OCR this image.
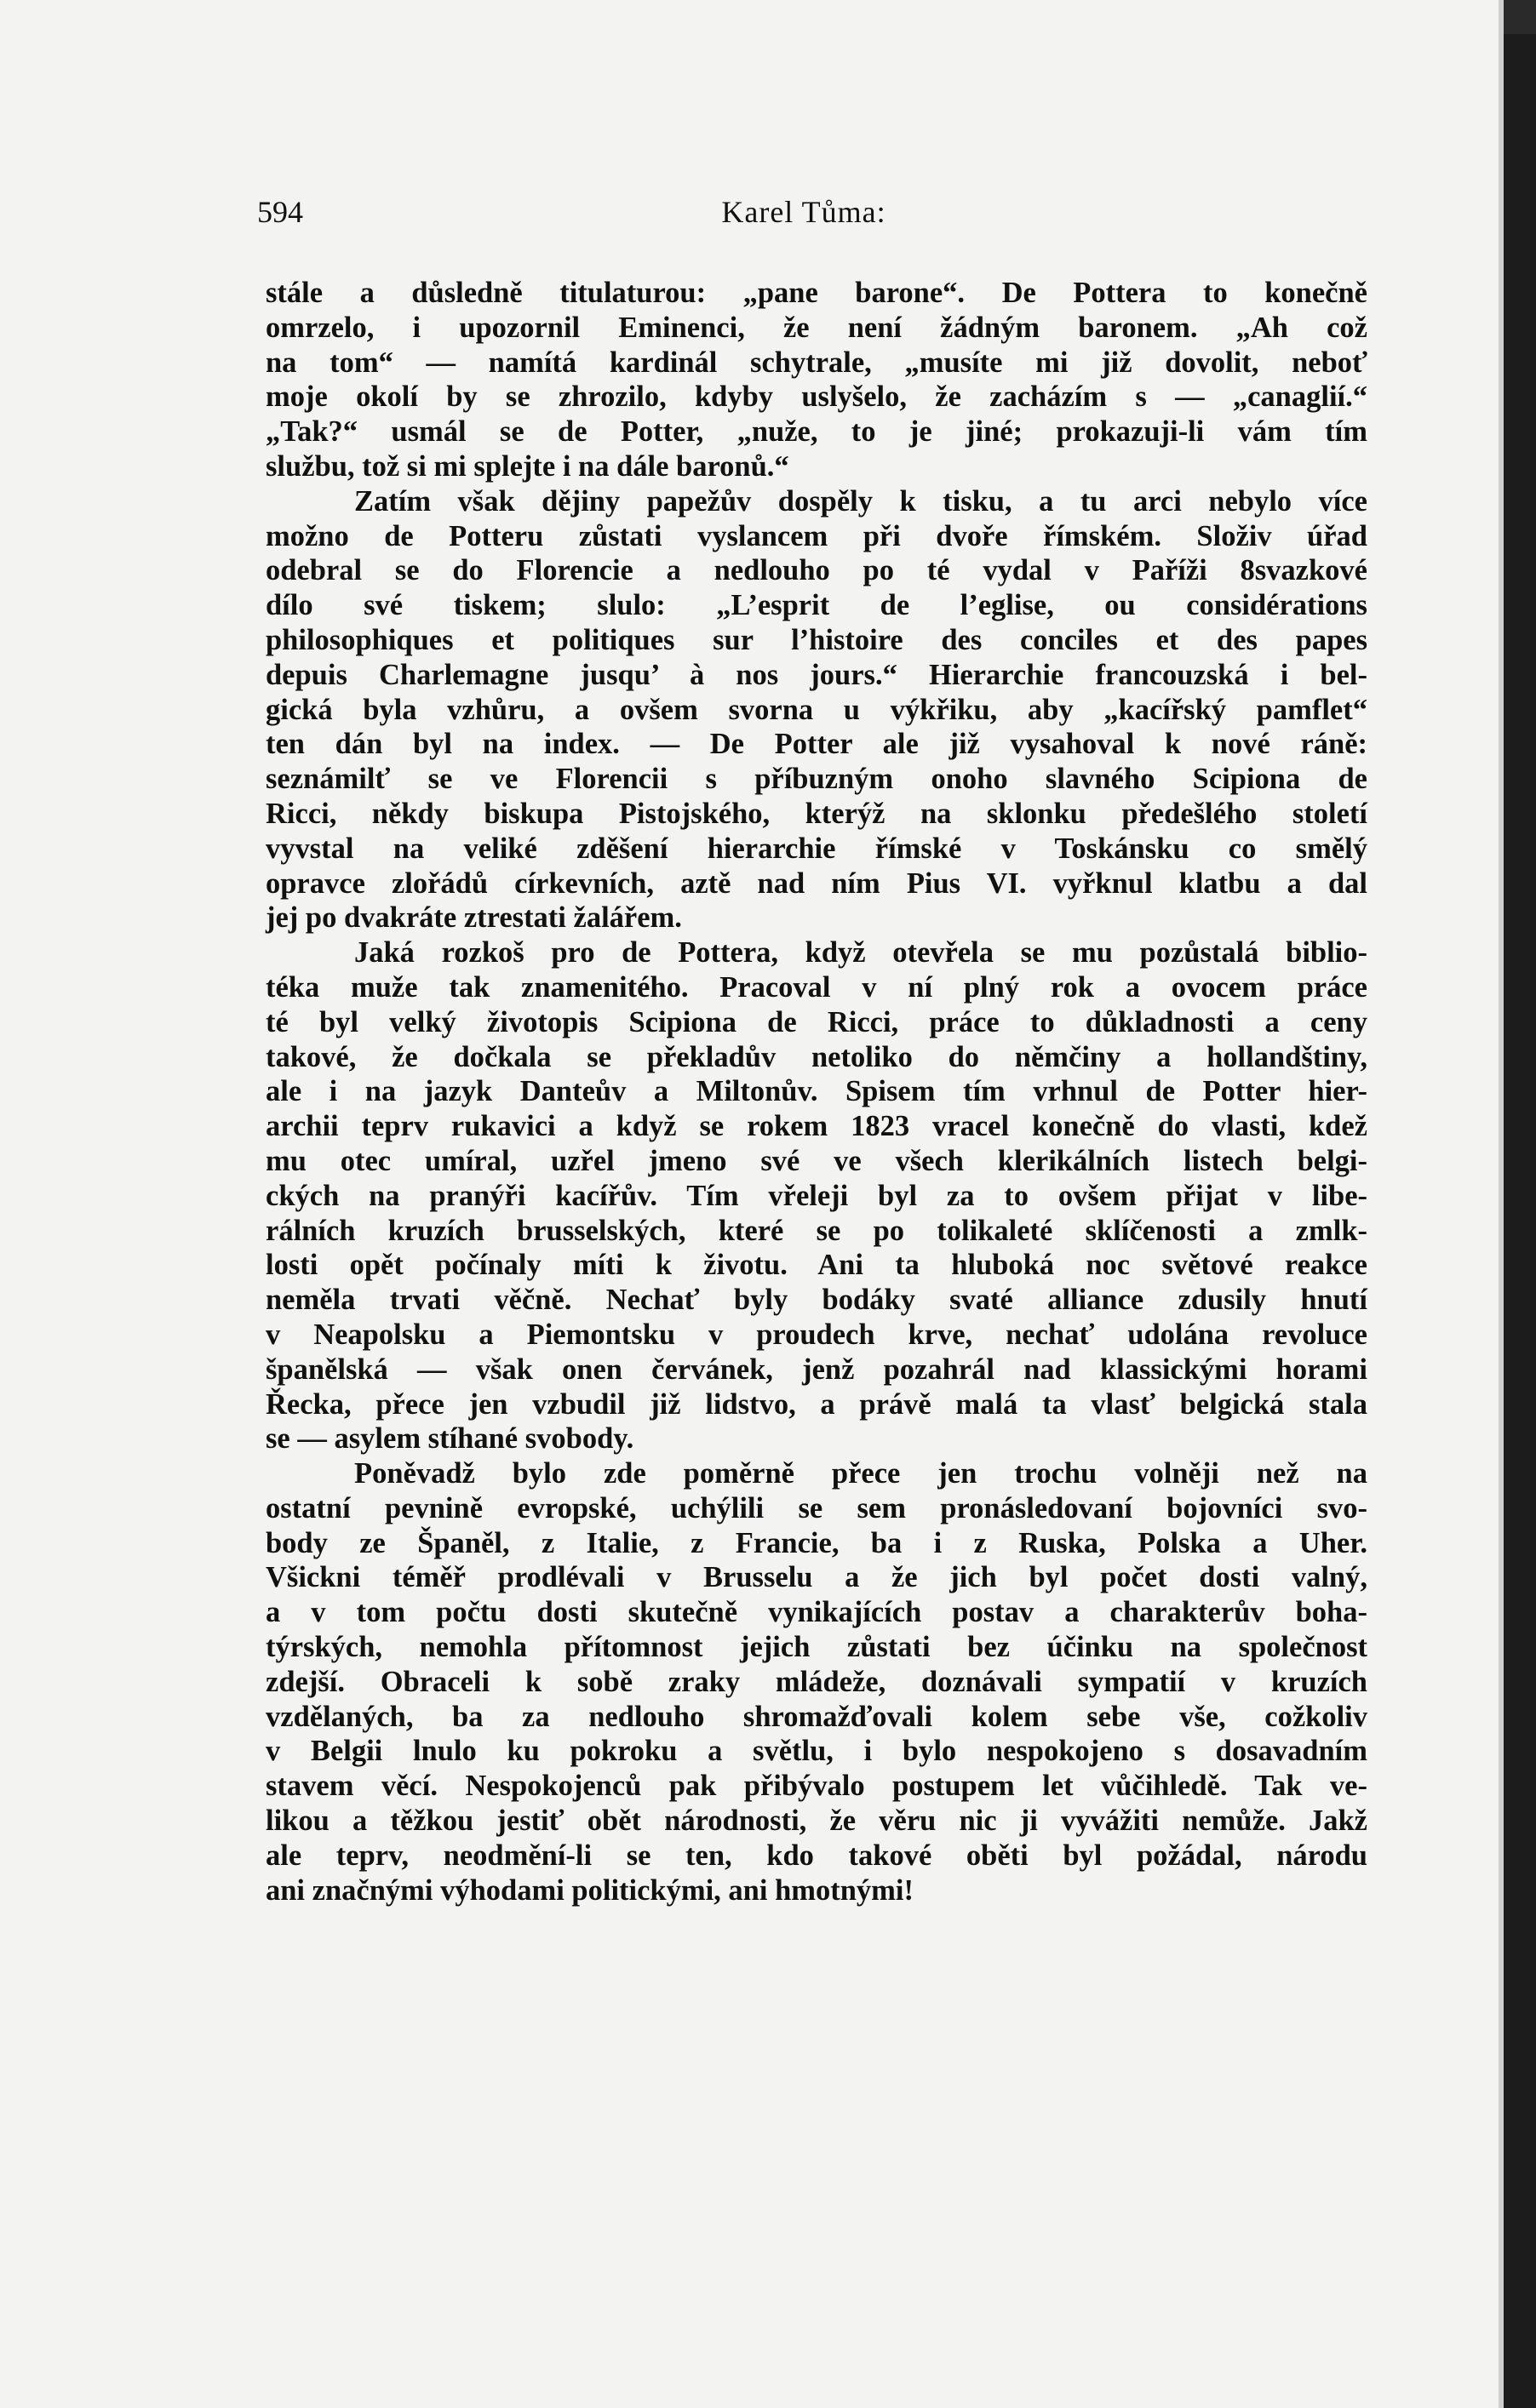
594	Karel Tůma:
stále a důsledně titulaturou: „pane barone“. De Pottera to konečně
omrzelo, i upozornil Eminenci, že není žádným baronem. „Ah což
na tom“ — namítá kardinál schytrale, „musíte mi již dovolit, neboť
moje okolí by se zhrozilo, kdyby uslyšelo, že zacházím s — „canaglií.“
„Tak?“ usmál se de Potter, „nuže, to je jiné; prokazuji-li vám tím
službu, tož si mi splejte i na dále baronů.“
Zatím však dějiny papežův dospěly k tisku, a tu arci nebylo více
možno de Potteru zůstati vyslancem při dvoře římském. Složiv úřad
odebral se do Florencie a nedlouho po té vydal v Paříži 8svazkové
dílo své tiskem; slulo: „L’esprit de l’eglise, ou considérations
philosophiques et politiques sur l’histoire des conciles et des papes
depuis Charlemagne jusqu’ à nos jours.“ Hierarchie francouzská i bel-
gická byla vzhůru, a ovšem svorna u výkřiku, aby „kacířský pamflet“
ten dán byl na index. — De Potter ale již vysahoval k nové ráně:
seznámilť se ve Florencii s příbuzným onoho slavného Scipiona de
Ricci, někdy biskupa Pistojského, kterýž na sklonku předešlého století
vyvstal na veliké zděšení hierarchie římské v Toskánsku co smělý
opravce zlořádů církevních, aztě nad ním Pius VI. vyřknul klatbu a dal
jej po dvakráte ztrestati žalářem.
Jaká rozkoš pro de Pottera, když otevřela se mu pozůstalá biblio-
téka muže tak znamenitého. Pracoval v ní plný rok a ovocem práce
té byl velký životopis Scipiona de Ricci, práce to důkladnosti a ceny
takové, že dočkala se překladův netoliko do němčiny a hollandštiny,
ale i na jazyk Danteův a Miltonův. Spisem tím vrhnul de Potter hier-
archii teprv rukavici a když se rokem 1823 vracel konečně do vlasti, kdež
mu otec umíral, uzřel jmeno své ve všech klerikálních listech belgi-
ckých na pranýři kacířův. Tím vřeleji byl za to ovšem přijat v libe-
rálních kruzích brusselských, které se po tolikaleté sklíčenosti a zmlk-
losti opět počínaly míti k životu. Ani ta hluboká noc světové reakce
neměla trvati věčně. Nechať byly bodáky svaté alliance zdusily hnutí
v Neapolsku a Piemontsku v proudech krve, nechať udolána revoluce
španělská — však onen červánek, jenž pozahrál nad klassickými horami
Řecka, přece jen vzbudil již lidstvo, a právě malá ta vlasť belgická stala
se — asylem stíhané svobody.
Poněvadž bylo zde poměrně přece jen trochu volněji než na
ostatní pevnině evropské, uchýlili se sem pronásledovaní bojovníci svo-
body ze Španěl, z Italie, z Francie, ba i z Ruska, Polska a Uher.
Všickni téměř prodlévali v Brusselu a že jich byl počet dosti valný,
a v tom počtu dosti skutečně vynikajících postav a charakterův boha-
týrských, nemohla přítomnost jejich zůstati bez účinku na společnost
zdejší. Obraceli k sobě zraky mládeže, doznávali sympatií v kruzích
vzdělaných, ba za nedlouho shromažďovali kolem sebe vše, cožkoliv
v Belgii lnulo ku pokroku a světlu, i bylo nespokojeno s dosavadním
stavem věcí. Nespokojenců pak přibývalo postupem let vůčihledě. Tak ve-
likou a těžkou jestiť obět národnosti, že věru nic ji vyvážiti nemůže. Jakž
ale teprv, neodmění-li se ten, kdo takové oběti byl požádal, národu
ani značnými výhodami politickými, ani hmotnými!
